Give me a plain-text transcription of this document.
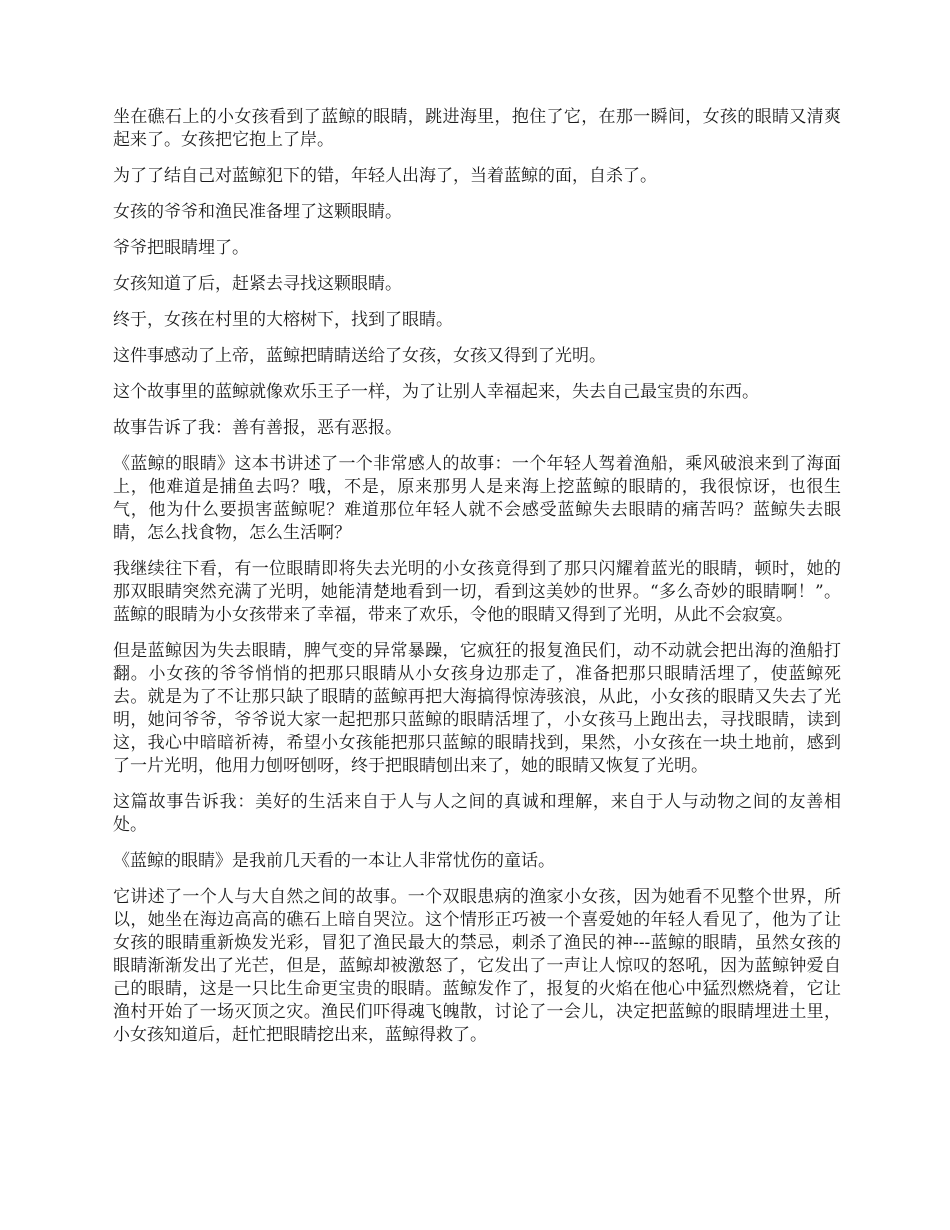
坐在礁石上的小女孩看到了蓝鲸的眼睛，跳进海里，抱住了它，在那一瞬间，女孩的眼睛又清爽起来了。女孩把它抱上了岸。

为了了结自己对蓝鲸犯下的错，年轻人出海了，当着蓝鲸的面，自杀了。

女孩的爷爷和渔民准备埋了这颗眼睛。

爷爷把眼睛埋了。

女孩知道了后，赶紧去寻找这颗眼睛。

终于，女孩在村里的大榕树下，找到了眼睛。

这件事感动了上帝，蓝鲸把睛睛送给了女孩，女孩又得到了光明。

这个故事里的蓝鲸就像欢乐王子一样，为了让别人幸福起来，失去自己最宝贵的东西。

故事告诉了我：善有善报，恶有恶报。

《蓝鲸的眼睛》这本书讲述了一个非常感人的故事：一个年轻人驾着渔船，乘风破浪来到了海面上，他难道是捕鱼去吗？哦，不是，原来那男人是来海上挖蓝鲸的眼睛的，我很惊讶，也很生气，他为什么要损害蓝鲸呢？难道那位年轻人就不会感受蓝鲸失去眼睛的痛苦吗？蓝鲸失去眼睛，怎么找食物，怎么生活啊？

我继续往下看，有一位眼睛即将失去光明的小女孩竟得到了那只闪耀着蓝光的眼睛，顿时，她的那双眼睛突然充满了光明，她能清楚地看到一切，看到这美妙的世界。“多么奇妙的眼睛啊！”。蓝鲸的眼睛为小女孩带来了幸福，带来了欢乐，令他的眼睛又得到了光明，从此不会寂寞。

但是蓝鲸因为失去眼睛，脾气变的异常暴躁，它疯狂的报复渔民们，动不动就会把出海的渔船打翻。小女孩的爷爷悄悄的把那只眼睛从小女孩身边那走了，准备把那只眼睛活埋了，使蓝鲸死去。就是为了不让那只缺了眼睛的蓝鲸再把大海搞得惊涛骇浪，从此，小女孩的眼睛又失去了光明，她问爷爷，爷爷说大家一起把那只蓝鲸的眼睛活埋了，小女孩马上跑出去，寻找眼睛，读到这，我心中暗暗祈祷，希望小女孩能把那只蓝鲸的眼睛找到，果然，小女孩在一块土地前，感到了一片光明，他用力刨呀刨呀，终于把眼睛刨出来了，她的眼睛又恢复了光明。

这篇故事告诉我：美好的生活来自于人与人之间的真诚和理解，来自于人与动物之间的友善相处。

《蓝鲸的眼睛》是我前几天看的一本让人非常忧伤的童话。

它讲述了一个人与大自然之间的故事。一个双眼患病的渔家小女孩，因为她看不见整个世界，所以，她坐在海边高高的礁石上暗自哭泣。这个情形正巧被一个喜爱她的年轻人看见了，他为了让女孩的眼睛重新焕发光彩，冒犯了渔民最大的禁忌，刺杀了渔民的神---蓝鲸的眼睛，虽然女孩的眼睛渐渐发出了光芒，但是，蓝鲸却被激怒了，它发出了一声让人惊叹的怒吼，因为蓝鲸钟爱自己的眼睛，这是一只比生命更宝贵的眼睛。蓝鲸发作了，报复的火焰在他心中猛烈燃烧着，它让渔村开始了一场灭顶之灾。渔民们吓得魂飞魄散，讨论了一会儿，决定把蓝鲸的眼睛埋进土里，小女孩知道后，赶忙把眼睛挖出来，蓝鲸得救了。
